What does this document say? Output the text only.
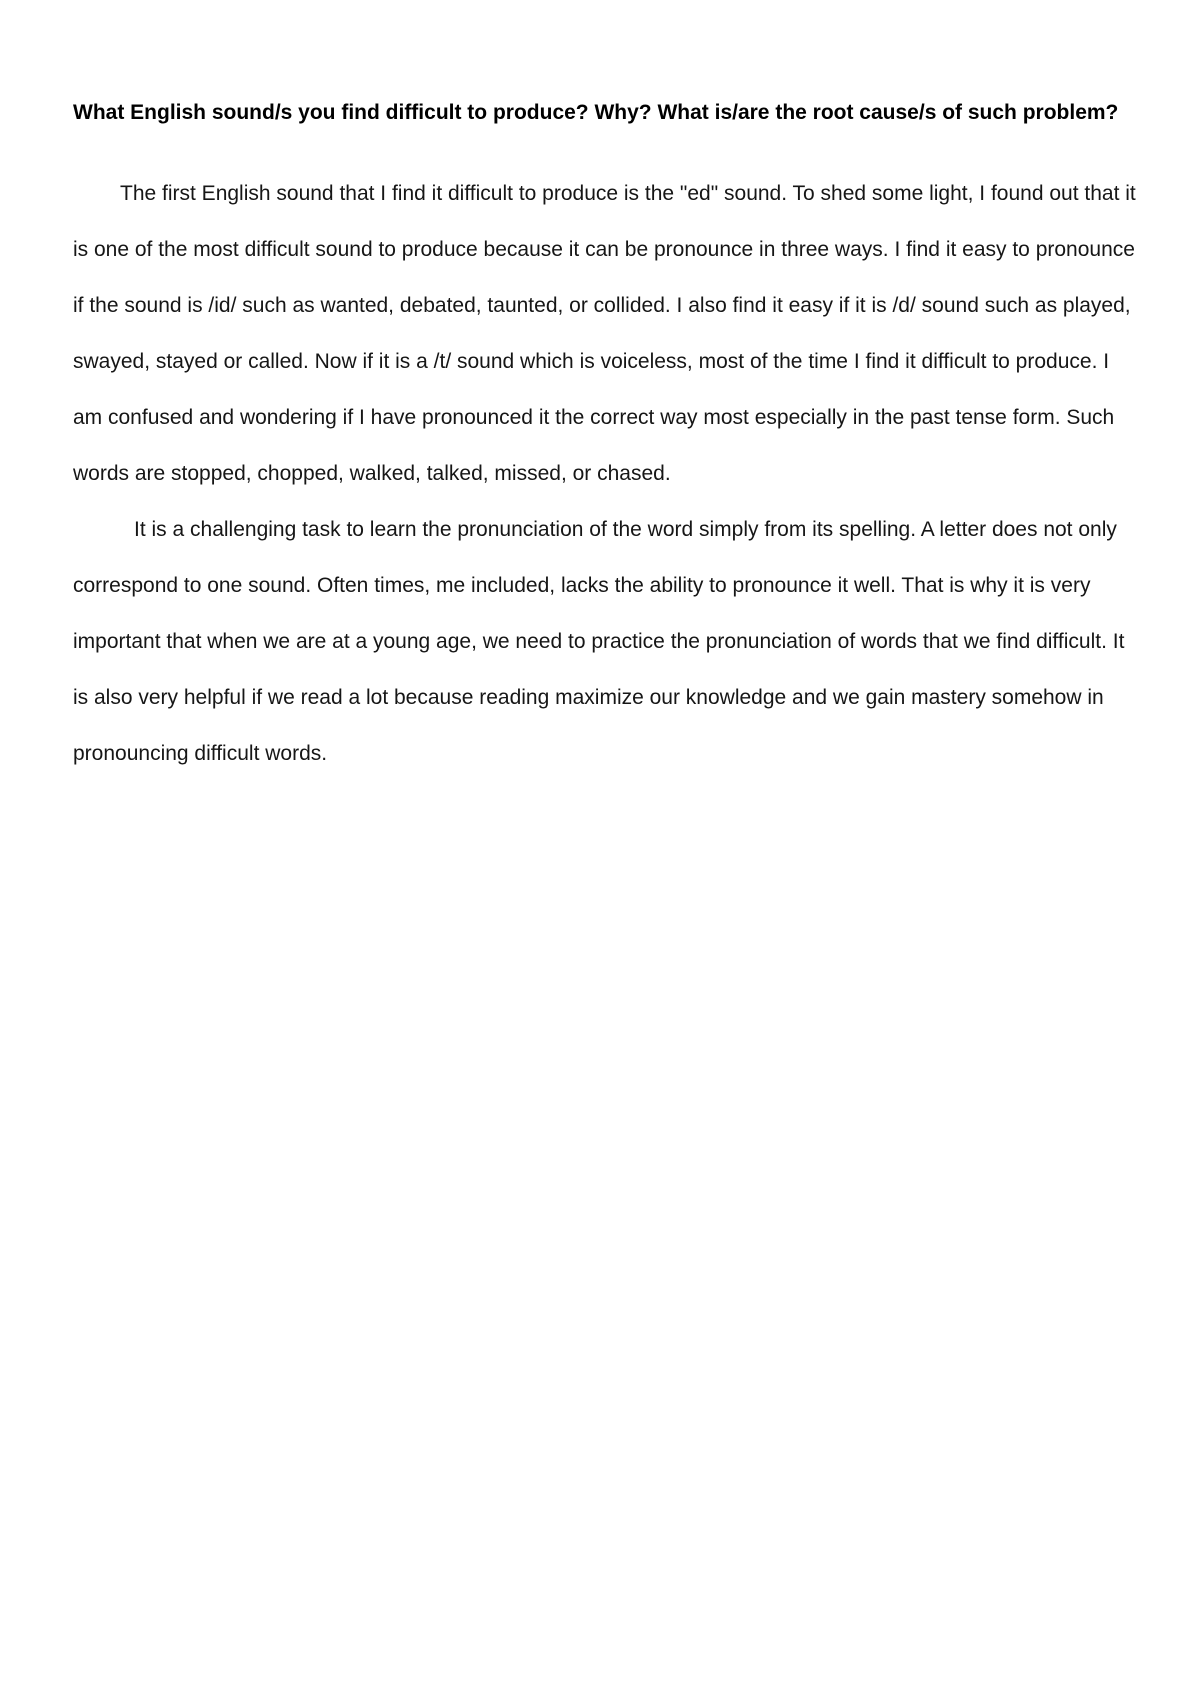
What English sound/s you find difficult to produce? Why? What is/are the root cause/s of such problem?

The first English sound that I find it difficult to produce is the "ed" sound. To shed some light, I found out that it is one of the most difficult sound to produce because it can be pronounce in three ways. I find it easy to pronounce if the sound is /id/ such as wanted, debated, taunted, or collided. I also find it easy if it is /d/ sound such as played, swayed, stayed or called. Now if it is a /t/ sound which is voiceless, most of the time I find it difficult to produce. I am confused and wondering if I have pronounced it the correct way most especially in the past tense form. Such words are stopped, chopped, walked, talked, missed, or chased.

It is a challenging task to learn the pronunciation of the word simply from its spelling. A letter does not only correspond to one sound. Often times, me included, lacks the ability to pronounce it well. That is why it is very important that when we are at a young age, we need to practice the pronunciation of words that we find difficult. It is also very helpful if we read a lot because reading maximize our knowledge and we gain mastery somehow in pronouncing difficult words.
